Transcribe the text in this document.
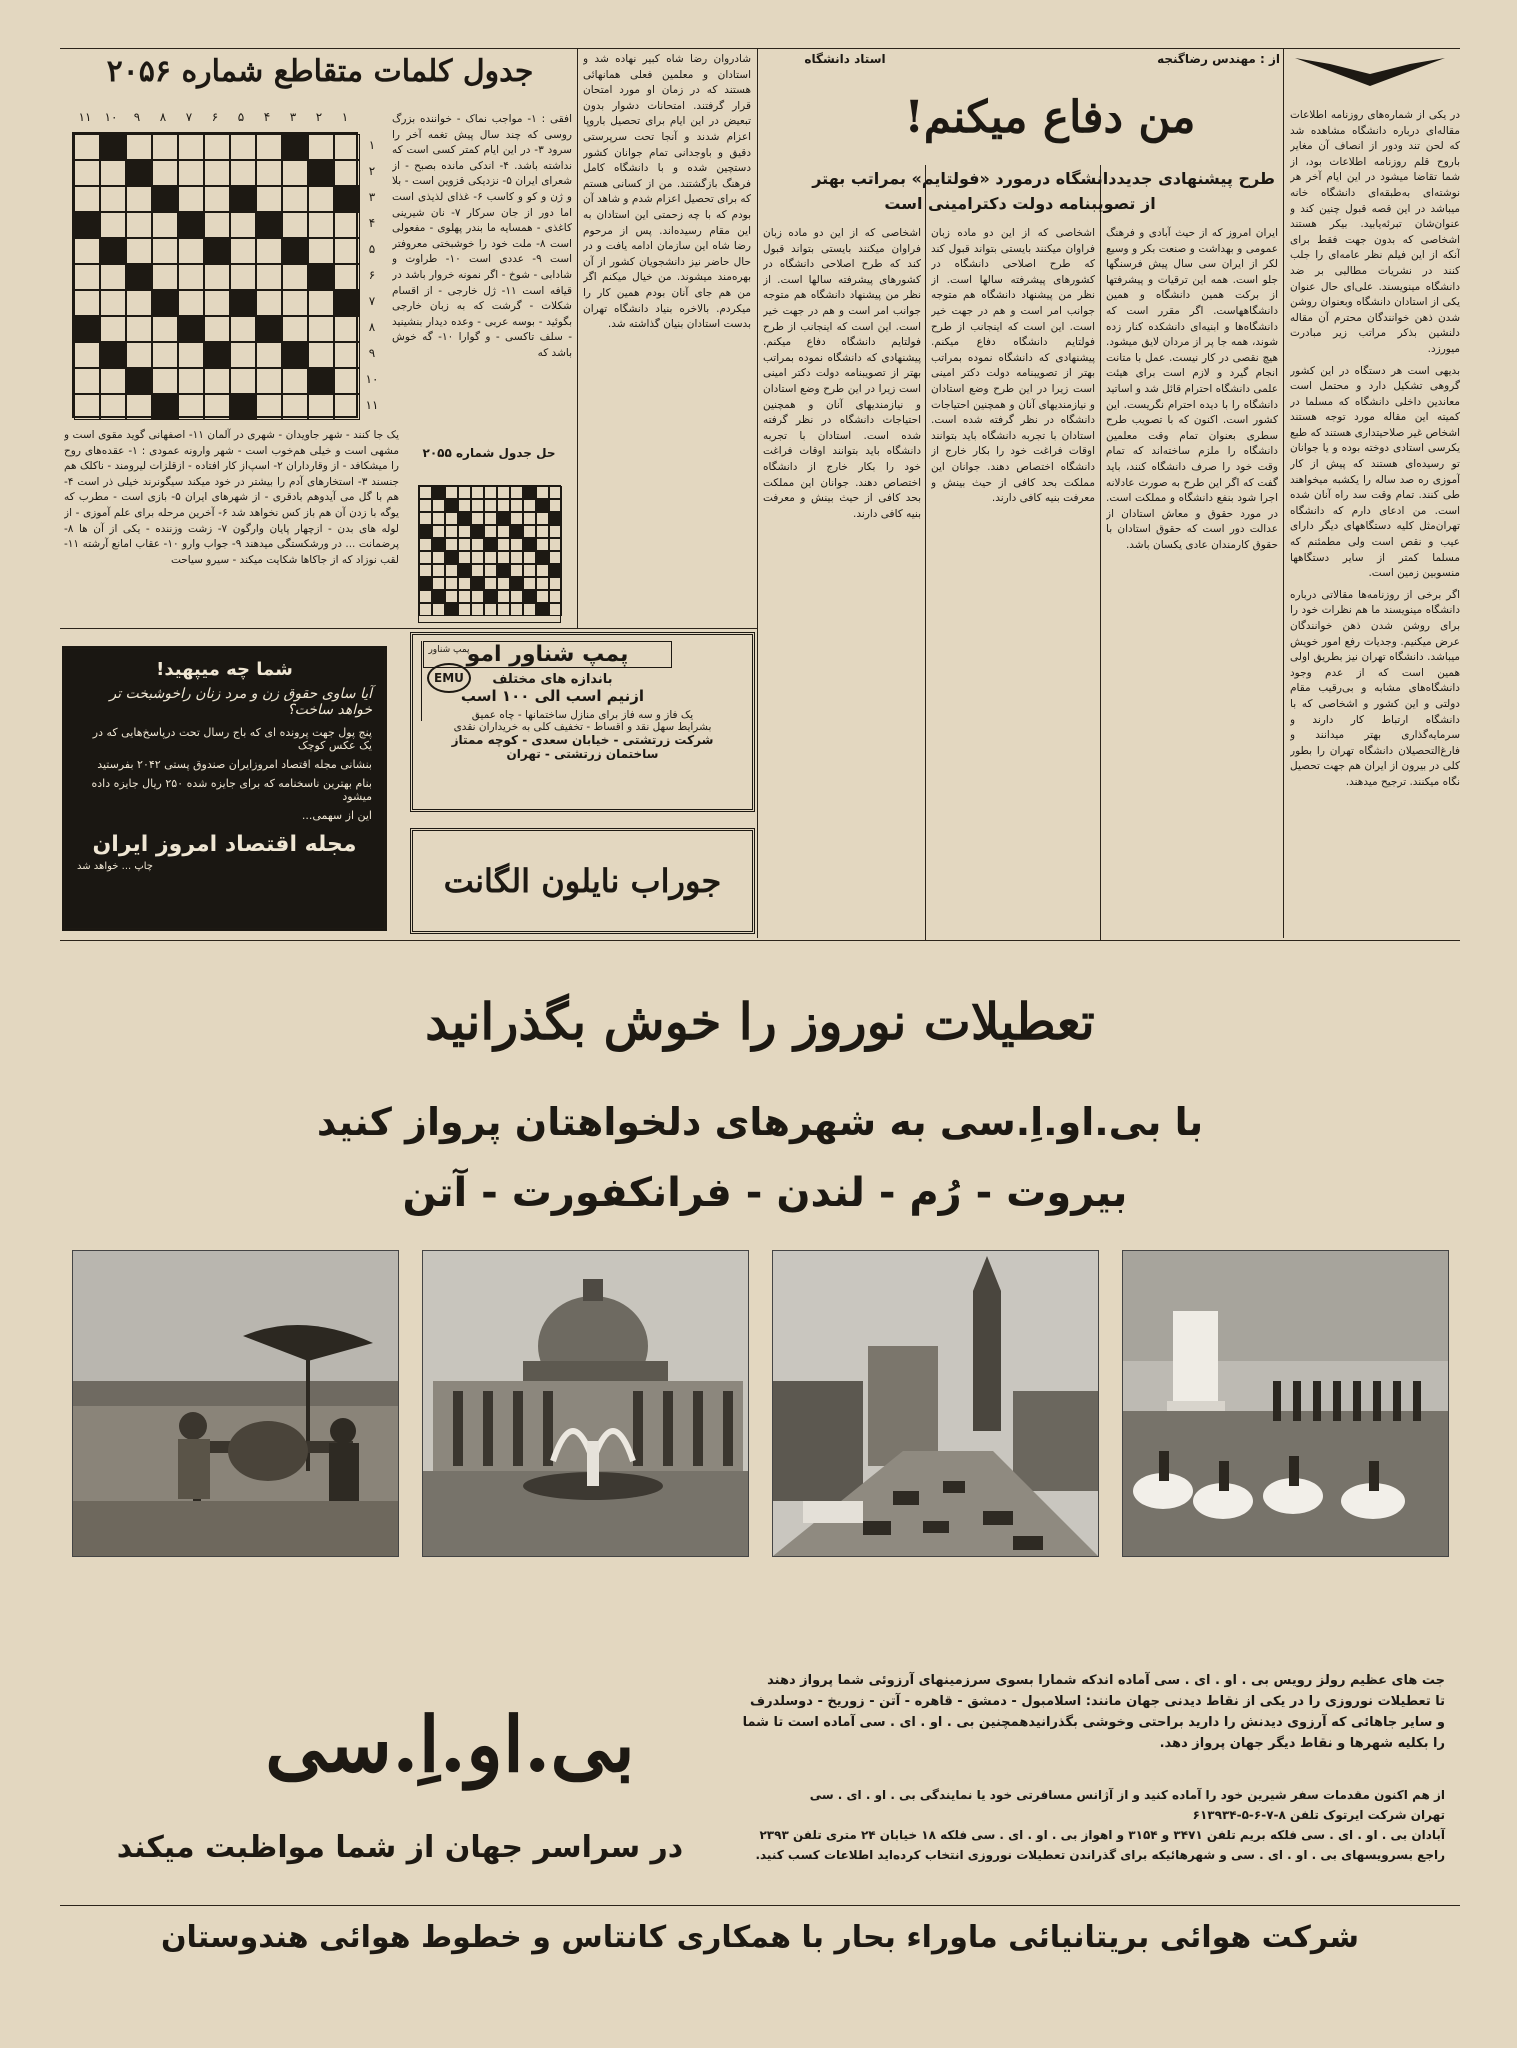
از : مهندس رضاگنجه
استاد دانشگاه
من دفاع میکنم!
طرح پیشنهادی جدیددانشگاه درمورد «فولتایم» بمراتب بهتر
از تصویبنامه دولت دکترامینی است
در یکی از شماره‌های روزنامه اطلاعات مقاله‌ای درباره دانشگاه مشاهده شد که لحن تند ودور از انصاف آن مغایر باروح قلم روزنامه اطلاعات بود، از شما تقاضا میشود در این ایام آخر هر نوشته‌ای به‌طبقه‌ای دانشگاه خانه میباشد در این قصه قبول چنین کند و عنوان‌شان تبرئه‌یابید. بیکر هستند اشخاصی که بدون جهت فقط برای آنکه از این فیلم نظر عامه‌ای را جلب کنند در نشریات مطالبی بر ضد دانشگاه مینویسند. علی‌ای حال عنوان یکی از استادان دانشگاه وبعنوان روشن شدن ذهن خوانندگان محترم آن مقاله دلنشین بذکر مراتب زیر مبادرت میورزد.
بدیهی است هر دستگاه در این کشور گروهی تشکیل دارد و محتمل است معاندین داخلی دانشگاه که مسلما در کمیته این مقاله مورد توجه هستند اشخاص غیر صلاحیتداری هستند که طبع یکرسی استادی دوخته بوده و یا جوانان تو رسیده‌ای هستند که پیش از کار آموزی ره صد ساله را یکشبه میخواهند طی کنند. تمام وقت سد راه آنان شده است. من ادعای دارم که دانشگاه تهران‌مثل کلیه دستگاههای دیگر دارای عیب و نقص است ولی مطمئنم که مسلما کمتر از سایر دستگاهها منسوبین زمین است.
اگر برخی از روزنامه‌ها مقالاتی درباره دانشگاه مینویسند ما هم نظرات خود را برای روشن شدن ذهن خوانندگان عرض میکنیم. وجدیات رفع امور خویش میباشد. دانشگاه تهران نیز بطریق اولی همین است که از عدم وجود دانشگاه‌های مشابه و بی‌رقیب مقام دولتی و این کشور و اشخاصی که با دانشگاه ارتباط کار دارند و سرمایه‌گذاری بهتر میدانند و فارغ‌التحصیلان دانشگاه تهران را بطور کلی در بیرون از ایران هم جهت تحصیل نگاه میکنند. ترجیح میدهند.
ایران امروز که از حیث آبادی و فرهنگ عمومی و بهداشت و صنعت بکر و وسیع لکر از ایران سی سال پیش فرسنگها جلو است. همه این ترقیات و پیشرفتها از برکت همین دانشگاه و همین دانشگاههاست. اگر مقرر است که دانشگاه‌ها و ابنیه‌ای دانشکده کنار زده شوند، همه جا پر از مردان لایق میشود. هیچ نقصی در کار نیست. عمل با متانت انجام گیرد و لازم است برای هیئت علمی دانشگاه احترام قائل شد و اساتید دانشگاه را با دیده احترام نگریست. این کشور است. اکنون که با تصویب طرح سطری بعنوان تمام وقت معلمین دانشگاه را ملزم ساخته‌اند که تمام وقت خود را صرف دانشگاه کنند، باید گفت که اگر این طرح به صورت عادلانه اجرا شود بنفع دانشگاه و مملکت است. در مورد حقوق و معاش استادان از عدالت دور است که حقوق استادان با حقوق کارمندان عادی یکسان باشد.
اشخاصی که از این دو ماده زبان فراوان میکنند بایستی بتواند قبول کند که طرح اصلاحی دانشگاه در کشورهای پیشرفته سالها است. از نظر من پیشنهاد دانشگاه هم متوجه جوانب امر است و هم در جهت خیر است. این است که اینجانب از طرح فولتایم دانشگاه دفاع میکنم. پیشنهادی که دانشگاه نموده بمراتب بهتر از تصویبنامه دولت دکتر امینی است زیرا در این طرح وضع استادان و نیازمندیهای آنان و همچنین احتیاجات دانشگاه در نظر گرفته شده است. استادان با تجربه دانشگاه باید بتوانند اوقات فراغت خود را بکار خارج از دانشگاه اختصاص دهند. جوانان این مملکت بحد کافی از حیث بینش و معرفت بنیه کافی دارند.
اشخاصی که از این دو ماده زبان فراوان میکنند بایستی بتواند قبول کند که طرح اصلاحی دانشگاه در کشورهای پیشرفته سالها است. از نظر من پیشنهاد دانشگاه هم متوجه جوانب امر است و هم در جهت خیر است. این است که اینجانب از طرح فولتایم دانشگاه دفاع میکنم. پیشنهادی که دانشگاه نموده بمراتب بهتر از تصویبنامه دولت دکتر امینی است زیرا در این طرح وضع استادان و نیازمندیهای آنان و همچنین احتیاجات دانشگاه در نظر گرفته شده است. استادان با تجربه دانشگاه باید بتوانند اوقات فراغت خود را بکار خارج از دانشگاه اختصاص دهند. جوانان این مملکت بحد کافی از حیث بینش و معرفت بنیه کافی دارند.
شادروان رضا شاه کبیر نهاده شد و استادان و معلمین فعلی همانهائی هستند که در زمان او مورد امتحان قرار گرفتند. امتحانات دشوار بدون تبعیض در این ایام برای تحصیل باروپا اعزام شدند و آنجا تحت سرپرستی دقیق و باوجدانی تمام جوانان کشور دستچین شده و با دانشگاه کامل فرهنگ بازگشتند. من از کسانی هستم که برای تحصیل اعزام شدم و شاهد آن بودم که با چه زحمتی این استادان به این مقام رسیده‌اند. پس از مرحوم رضا شاه این سازمان ادامه یافت و در حال حاضر نیز دانشجویان کشور از آن بهره‌مند میشوند. من خیال میکنم اگر من هم جای آنان بودم همین کار را میکردم. بالاخره بنیاد دانشگاه تهران بدست استادان بنیان گذاشته شد.
جدول کلمات متقاطع شماره ۲۰۵۶
۱۱	۱۰	۹	۸	۷	۶	۵	۴	۳	۲	۱
۱
۲
۳
۴
۵
۶
۷
۸
۹
۱۰
۱۱
افقی : ۱- مواجب نماک - خواننده بزرگ روسی که چند سال پیش تغمه آخر را سرود ۳- در این ایام کمتر کسی است که نداشته باشد. ۴- اندکی مانده بصبح - از شعرای ایران ۵- نزدیکی قزوین است - بلا و ژن و کو و کاسب ۶- غذای لذیذی است اما دور از جان سرکار ۷- نان شیرینی کاغذی - همسایه ما بندر پهلوی - مفعولی است ۸- ملت خود را خوشبختی معروفتر است ۹- عددی است ۱۰- طراوت و شادابی - شوخ - اگر نمونه خروار باشد در قیافه است ۱۱- ژل خارجی - از اقسام شکلات - گرشت که به زبان خارجی بگوئید - بوسه عربی - وعده دیدار بنشینید - سلف تاکسی - و گوارا ۱۰- گه خوش باشد که
یک جا کنند - شهر جاویدان - شهری در آلمان ۱۱- اصفهانی گوید مقوی است و مشهی است و خیلی هم‌خوب است - شهر وارونه عمودی : ۱- عقده‌های روح را میشکافد - از وقارداران ۲- اسپ‌از کار افتاده - ازقلزات لیرومند - ناکلک هم جنسند ۳- استخارهای آدم را بیشتر در خود میکند سیگونرند خیلی ذر است ۴- هم با گل می آیدوهم بادقری - از شهرهای ایران ۵- بازی است - مطرب که یوگه با زدن آن هم باز کس نخواهد شد ۶- آخرین مرحله برای علم آموزی - از لوله های بدن - ازچهار پایان وارگون ۷- زشت وزننده - یکی از آن ها ۸- پرضمانت ... در ورشکستگی میدهند ۹- جواب وارو ۱۰- عقاب امانع آرشته ۱۱- لقب نوزاد که از جاکاها شکایت میکند - سیرو سیاحت
حل جدول شماره ۲۰۵۵
شما چه میپهید!
آیا ساوی حقوق زن و مرد زنان راخوشبخت تر خواهد ساخت؟
پنج پول جهت پرونده ای که باج رسال تحت درپاسخ‌هایی که در یک عکس کوچک
بنشانی مجله اقتصاد امروزایران صندوق پستی ۲۰۴۲ بفرستید
بنام بهترین ناسخنامه که برای جایزه شده ۲۵۰ ریال جایزه داده میشود
این از سهمی...
مجله اقتصاد امروز ایران
چاپ ... خواهد شد
پمپ شناور امو
پمپ شناور
EMU	باندازه های مختلف
ازنیم اسب الی ۱۰۰ اسب
یک فاز و سه فاز برای منازل ساختمانها - چاه عمیق
بشرایط سهل نقد و اقساط - تخفیف کلی به خریداران نقدی
شرکت زرتشتی - خیابان سعدی - کوچه ممتاز
ساختمان زرتشتی - تهران
جوراب نایلون الگانت
تعطیلات نوروز را خوش بگذرانید
با بی.او.اِ.سی به شهرهای دلخواهتان پرواز کنید
بیروت - رُم - لندن - فرانکفورت - آتن
جت های عظیم رولز رویس بی . او . ای . سی آماده اندکه شمارا بسوی سرزمینهای آرزوئی شما پرواز دهند
تا تعطیلات نوروزی را در یکی از نقاط دیدنی جهان مانند: اسلامبول - دمشق - قاهره - آتن - زوریخ - دوسلدرف
و سایر جاهائی که آرزوی دیدنش را دارید براحتی وخوشی بگذرانیدهمچنین بی . او . ای . سی آماده است تا شما
را بکلیه شهرها و نقاط دیگر جهان پرواز دهد.
از هم اکنون مقدمات سفر شیرین خود را آماده کنید و از آژانس مسافرتی خود یا نمایندگی بی . او . ای . سی
تهران شرکت ایرتوک تلفن ۸-۷-۶-۵-۶۱۳۹۳۴
آبادان بی . او . ای . سی فلکه بریم تلفن ۳۴۷۱ و ۳۱۵۴ و اهواز بی . او . ای . سی فلکه ۱۸ خیابان ۲۴ متری تلفن ۲۳۹۳
راجع بسرویسهای بی . او . ای . سی و شهرهائیکه برای گذراندن تعطیلات نوروزی انتخاب کرده‌اید اطلاعات کسب کنید.
بی.او.اِ.سی
در سراسر جهان از شما مواظبت میکند
شرکت هوائی بریتانیائی ماوراء بحار با همکاری کانتاس و خطوط هوائی هندوستان
